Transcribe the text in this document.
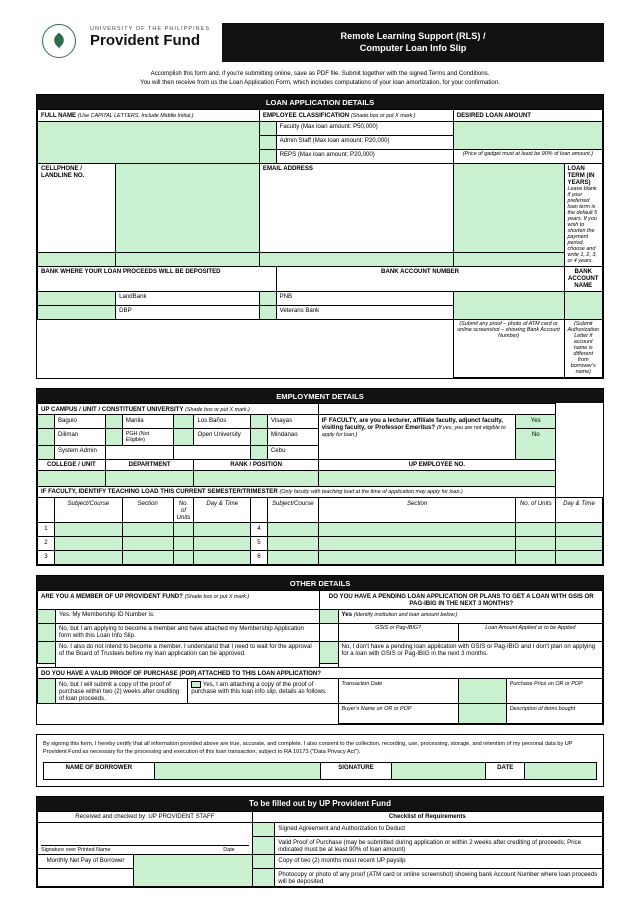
UNIVERSITY OF THE PHILIPPINES
Provident Fund	Remote Learning Support (RLS) /
Computer Loan Info Slip
Accomplish this form and, if you're submitting online, save as PDF file. Submit together with the signed Terms and Conditions.
You will then receive from us the Loan Application Form, which includes computations of your loan amortization, for your confirmation.
LOAN APPLICATION DETAILS
FULL NAME (Use CAPITAL LETTERS. Include Middle Initial.)		EMPLOYEE CLASSIFICATION (Shade box or put X mark.)		DESIRED LOAN AMOUNT	
			Faculty (Max loan amount: P50,000)		
			Admin Staff (Max loan amount: P20,000)		
			REPS (Max loan amount: P20,000)	(Price of gadget must at least be 90% of loan amount.)	
CELLPHONE / LANDLINE NO.		EMAIL ADDRESS			LOAN TERM (IN YEARS)
Leave blank if your preferred loan term is the default 5 years. If you wish to shorten the payment period, choose and write 1, 2, 3, or 4 years.

BANK WHERE YOUR LOAN PROCEEDS WILL BE DEPOSITED			BANK ACCOUNT NUMBER		BANK ACCOUNT NAME
	LandBank		PNB		
	DBP		Veterans Bank		
				(Submit any proof – photo of ATM card or online screenshot – showing Bank Account Number)	(Submit Authorization Letter if account name is different from borrower's name)
EMPLOYMENT DETAILS
UP CAMPUS / UNIT / CONSTITUENT UNIVERSITY (Shade box or put X mark.)										
	Baguio		Manila		Los Baños		Visayas	IF FACULTY, are you a lecturer, affiliate faculty, adjunct faculty, visiting faculty, or Professor Emeritus? (If yes, you are not eligible to apply for loan.)	Yes	
	Diliman		PGH (Not Eligible)		Open University		Mindanao		No	
	System Admin						Cebu			
COLLEGE / UNIT		DEPARTMENT			RANK / POSITION			UP EMPLOYEE NO.		

IF FACULTY, IDENTIFY TEACHING LOAD THIS CURRENT SEMESTER/TRIMESTER (Only faculty with teaching load at the time of application may apply for loan.)										
	Subject/Course		Section	No. of Units	Day & Time		Subject/Course	Section	No. of Units	Day & Time
1						4				
2						5				
3						6				
OTHER DETAILS
ARE YOU A MEMBER OF UP PROVIDENT FUND? (Shade box or put X mark.)			DO YOU HAVE A PENDING LOAN APPLICATION OR PLANS TO GET A LOAN WITH GSIS OR PAG-IBIG IN THE NEXT 3 MONTHS?			
	Yes. My Membership ID Number is:			Yes (Identify institution and loan amount below.)		
	No, but I am applying to become a member and have attached my Membership Application form with this Loan Info Slip.			GSIS or Pag-IBIG?	Loan Amount Applied or to be Applied	
	No. I also do not intend to become a member. I understand that I need to wait for the approval of the Board of Trustees before my loan application can be approved.			No, I don't have a pending loan application with GSIS or Pag-IBIG and I don't plan on applying for a loan with GSIS or Pag-IBIG in the next 3 months.		

DO YOU HAVE A VALID PROOF OF PURCHASE (POP) ATTACHED TO THIS LOAN APPLICATION?						
	No, but I will submit a copy of the proof of purchase within two (2) weeks after crediting of loan proceeds.	Yes, I am attaching a copy of the proof of purchase with this loan info slip, details as follows.		Transaction Date		Purchase Price on OR or POP
				Buyer's Name on OR or POP		Description of items bought
By signing this form, I hereby certify that all information provided above are true, accurate, and complete. I also consent to the collection, recording, use, processing, storage, and retention of my personal data by UP Provident Fund as necessary for the processing and execution of this loan transaction, subject to RA 10173 ("Data Privacy Act").
NAME OF BORROWER		SIGNATURE		DATE	
To be filled out by UP Provident Fund
Received and checked by: UP PROVIDENT STAFF		Checklist of Requirements	

Signature over Printed Name Date			Signed Agreement and Authorization to Deduct
			Valid Proof of Purchase (may be submitted during application or within 2 weeks after crediting of proceeds; Price indicated must be at least 90% of loan amount)
Monthly Net Pay of Borrower			Copy of two (2) months most recent UP payslip
			Photocopy or photo of any proof (ATM card or online screenshot) showing bank Account Number where loan proceeds will be deposited
